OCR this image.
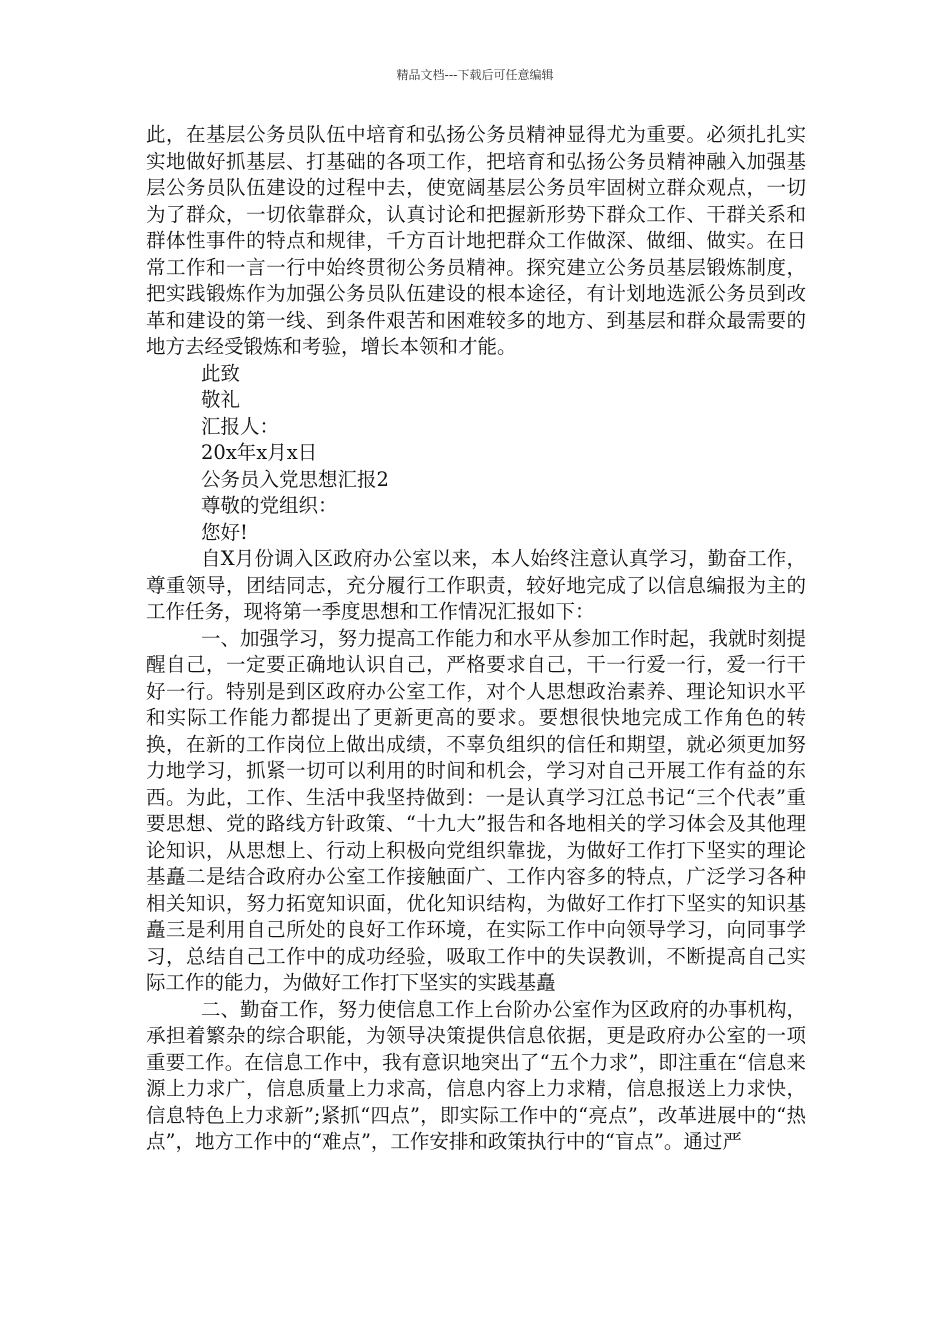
精品文档---下载后可任意编辑

此，在基层公务员队伍中培育和弘扬公务员精神显得尤为重要。必须扎扎实实地做好抓基层、打基础的各项工作，把培育和弘扬公务员精神融入加强基层公务员队伍建设的过程中去，使宽阔基层公务员牢固树立群众观点，一切为了群众，一切依靠群众，认真讨论和把握新形势下群众工作、干群关系和群体性事件的特点和规律，千方百计地把群众工作做深、做细、做实。在日常工作和一言一行中始终贯彻公务员精神。探究建立公务员基层锻炼制度，把实践锻炼作为加强公务员队伍建设的根本途径，有计划地选派公务员到改革和建设的第一线、到条件艰苦和困难较多的地方、到基层和群众最需要的地方去经受锻炼和考验，增长本领和才能。

此致

敬礼

汇报人：

20x年x月x日

公务员入党思想汇报2

尊敬的党组织：

您好!

自X月份调入区政府办公室以来，本人始终注意认真学习，勤奋工作，尊重领导，团结同志，充分履行工作职责，较好地完成了以信息编报为主的工作任务，现将第一季度思想和工作情况汇报如下：

一、加强学习，努力提高工作能力和水平从参加工作时起，我就时刻提醒自己，一定要正确地认识自己，严格要求自己，干一行爱一行，爱一行干好一行。特别是到区政府办公室工作，对个人思想政治素养、理论知识水平和实际工作能力都提出了更新更高的要求。要想很快地完成工作角色的转换，在新的工作岗位上做出成绩，不辜负组织的信任和期望，就必须更加努力地学习，抓紧一切可以利用的时间和机会，学习对自己开展工作有益的东西。为此，工作、生活中我坚持做到：一是认真学习江总书记“三个代表”重要思想、党的路线方针政策、“十九大”报告和各地相关的学习体会及其他理论知识，从思想上、行动上积极向党组织靠拢，为做好工作打下坚实的理论基矗二是结合政府办公室工作接触面广、工作内容多的特点，广泛学习各种相关知识，努力拓宽知识面，优化知识结构，为做好工作打下坚实的知识基矗三是利用自己所处的良好工作环境，在实际工作中向领导学习，向同事学习，总结自己工作中的成功经验，吸取工作中的失误教训，不断提高自己实际工作的能力，为做好工作打下坚实的实践基矗

二、勤奋工作，努力使信息工作上台阶办公室作为区政府的办事机构，承担着繁杂的综合职能，为领导决策提供信息依据，更是政府办公室的一项重要工作。在信息工作中，我有意识地突出了“五个力求”，即注重在“信息来源上力求广，信息质量上力求高，信息内容上力求精，信息报送上力求快，信息特色上力求新”;紧抓“四点”，即实际工作中的“亮点”，改革进展中的“热点”，地方工作中的“难点”，工作安排和政策执行中的“盲点”。通过严
